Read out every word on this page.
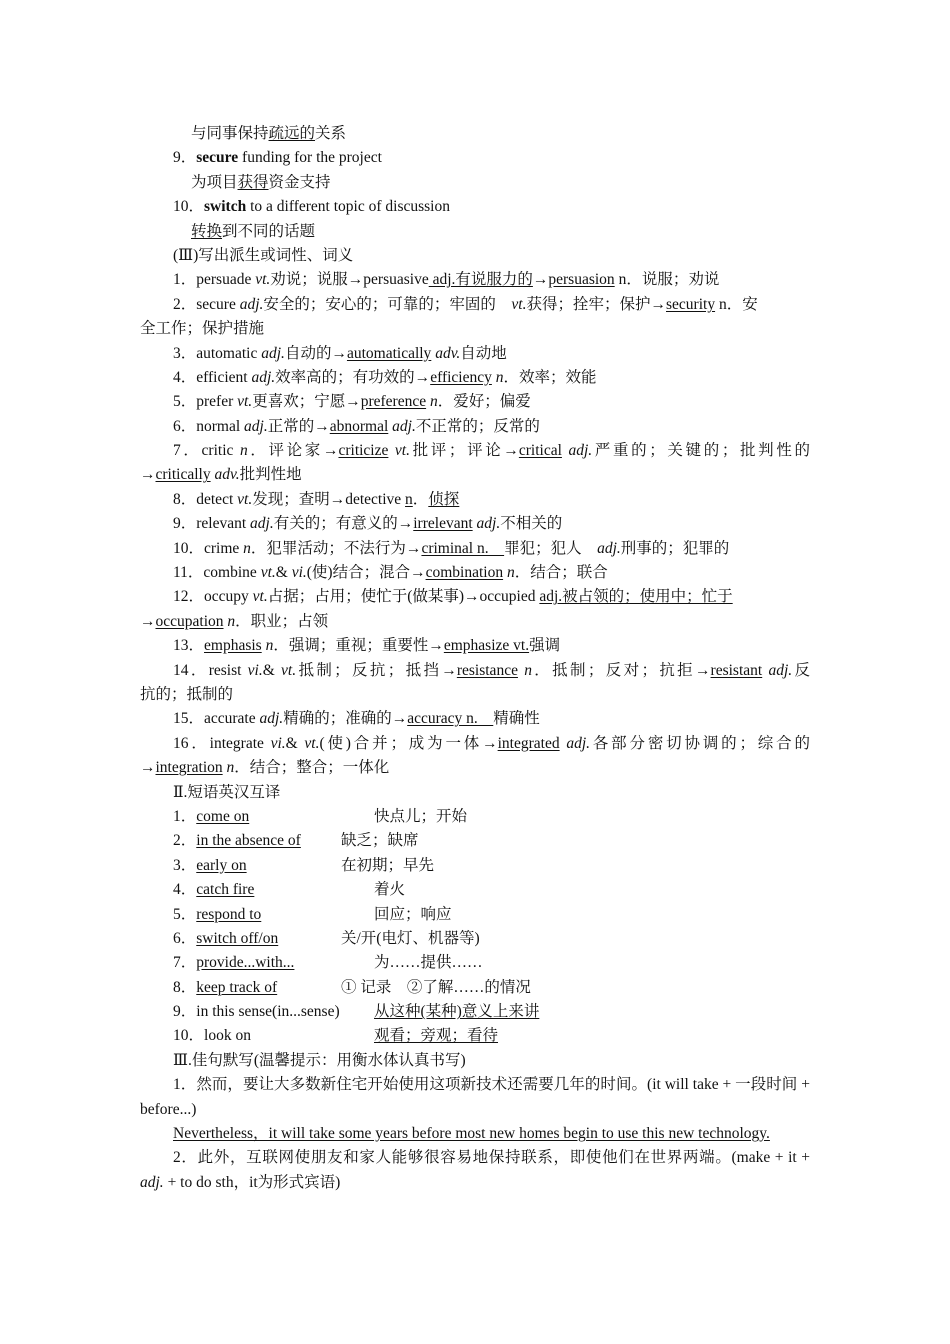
与同事保持疏远的关系
9．secure funding for the project
为项目获得资金支持
10．switch to a different topic of discussion
转换到不同的话题
(Ⅲ)写出派生或词性、词义
1．persuade vt.劝说；说服→persuasive adj.有说服力的→persuasion n．说服；劝说
2．secure adj.安全的；安心的；可靠的；牢固的　vt.获得；拴牢；保护→security n．安
全工作；保护措施
3．automatic adj.自动的→automatically adv.自动地
4．efficient adj.效率高的；有功效的→efficiency n．效率；效能
5．prefer vt.更喜欢；宁愿→preference n．爱好；偏爱
6．normal adj.正常的→abnormal adj.不正常的；反常的
7．critic n．评论家→criticize vt.批评；评论→critical adj.严重的；关键的；批判性的
→critically adv.批判性地
8．detect vt.发现；查明→detective n．侦探
9．relevant adj.有关的；有意义的→irrelevant adj.不相关的
10．crime n．犯罪活动；不法行为→criminal n.　罪犯；犯人　adj.刑事的；犯罪的
11．combine vt.& vi.(使)结合；混合→combination n．结合；联合
12．occupy vt.占据；占用；使忙于(做某事)→occupied adj.被占领的；使用中；忙于
→occupation n．职业；占领
13．emphasis n．强调；重视；重要性→emphasize vt.强调
14．resist vi.& vt.抵制；反抗；抵挡→resistance n．抵制；反对；抗拒→resistant adj.反
抗的；抵制的
15．accurate adj.精确的；准确的→accuracy n.　精确性
16．integrate vi.& vt.(使)合并；成为一体→integrated adj.各部分密切协调的；综合的
→integration n．结合；整合；一体化
Ⅱ.短语英汉互译
1．come on	快点儿；开始
2．in the absence of	缺乏；缺席
3．early on	在初期；早先
4．catch fire	着火
5．respond to	回应；响应
6．switch off/on	关/开(电灯、机器等)
7．provide...with...	为……提供……
8．keep track of	① 记录　②了解……的情况
9．in this sense(in...sense)	从这种(某种)意义上来讲
10．look on	观看；旁观；看待
Ⅲ.佳句默写(温馨提示：用衡水体认真书写)
1．然而，要让大多数新住宅开始使用这项新技术还需要几年的时间。(it will take + 一段时间 + before...)
Nevertheless，it will take some years before most new homes begin to use this new technology.
2．此外，互联网使朋友和家人能够很容易地保持联系，即使他们在世界两端。(make + it + adj. + to do sth，it为形式宾语)
